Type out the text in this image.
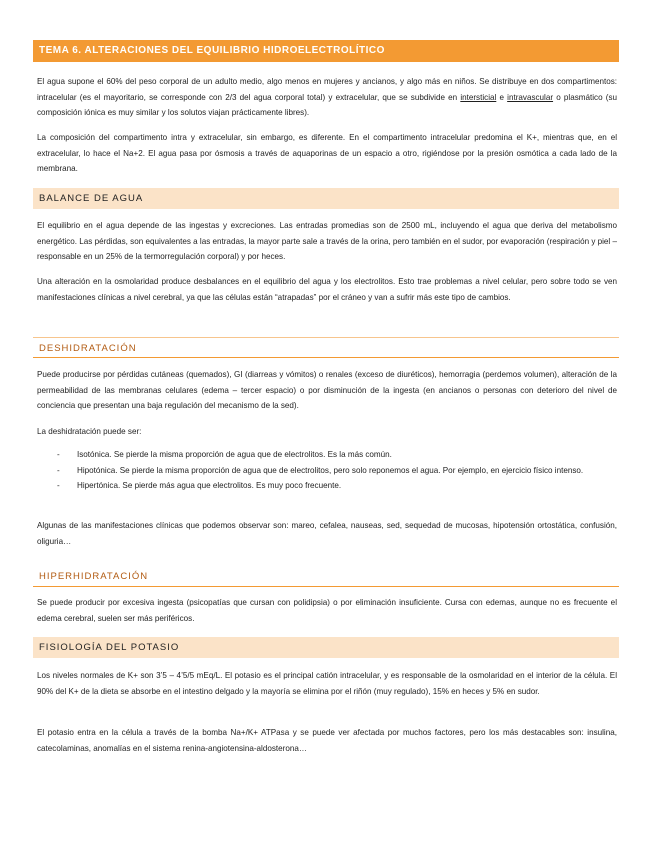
TEMA 6. ALTERACIONES DEL EQUILIBRIO HIDROELECTROLÍTICO

El agua supone el 60% del peso corporal de un adulto medio, algo menos en mujeres y ancianos, y algo más en niños. Se distribuye en dos compartimentos: intracelular (es el mayoritario, se corresponde con 2/3 del agua corporal total) y extracelular, que se subdivide en intersticial e intravascular o plasmático (su composición iónica es muy similar y los solutos viajan prácticamente libres).

La composición del compartimento intra y extracelular, sin embargo, es diferente. En el compartimento intracelular predomina el K+, mientras que, en el extracelular, lo hace el Na+2. El agua pasa por ósmosis a través de aquaporinas de un espacio a otro, rigiéndose por la presión osmótica a cada lado de la membrana.

BALANCE DE AGUA

El equilibrio en el agua depende de las ingestas y excreciones. Las entradas promedias son de 2500 mL, incluyendo el agua que deriva del metabolismo energético. Las pérdidas, son equivalentes a las entradas, la mayor parte sale a través de la orina, pero también en el sudor, por evaporación (respiración y piel – responsable en un 25% de la termorregulación corporal) y por heces.

Una alteración en la osmolaridad produce desbalances en el equilibrio del agua y los electrolitos. Esto trae problemas a nivel celular, pero sobre todo se ven manifestaciones clínicas a nivel cerebral, ya que las células están “atrapadas” por el cráneo y van a sufrir más este tipo de cambios.

DESHIDRATACIÓN

Puede producirse por pérdidas cutáneas (quemados), GI (diarreas y vómitos) o renales (exceso de diuréticos), hemorragia (perdemos volumen), alteración de la permeabilidad de las membranas celulares (edema – tercer espacio) o por disminución de la ingesta (en ancianos o personas con deterioro del nivel de conciencia que presentan una baja regulación del mecanismo de la sed).

La deshidratación puede ser:

- Isotónica. Se pierde la misma proporción de agua que de electrolitos. Es la más común.
- Hipotónica. Se pierde la misma proporción de agua que de electrolitos, pero solo reponemos el agua. Por ejemplo, en ejercicio físico intenso.
- Hipertónica. Se pierde más agua que electrolitos. Es muy poco frecuente.

Algunas de las manifestaciones clínicas que podemos observar son: mareo, cefalea, nauseas, sed, sequedad de mucosas, hipotensión ortostática, confusión, oliguria…

HIPERHIDRATACIÓN

Se puede producir por excesiva ingesta (psicopatías que cursan con polidipsia) o por eliminación insuficiente. Cursa con edemas, aunque no es frecuente el edema cerebral, suelen ser más periféricos.

FISIOLOGÍA DEL POTASIO

Los niveles normales de K+ son 3’5 – 4’5/5 mEq/L. El potasio es el principal catión intracelular, y es responsable de la osmolaridad en el interior de la célula. El 90% del K+ de la dieta se absorbe en el intestino delgado y la mayoría se elimina por el riñón (muy regulado), 15% en heces y 5% en sudor.

El potasio entra en la célula a través de la bomba Na+/K+ ATPasa y se puede ver afectada por muchos factores, pero los más destacables son: insulina, catecolaminas, anomalías en el sistema renina-angiotensina-aldosterona…
